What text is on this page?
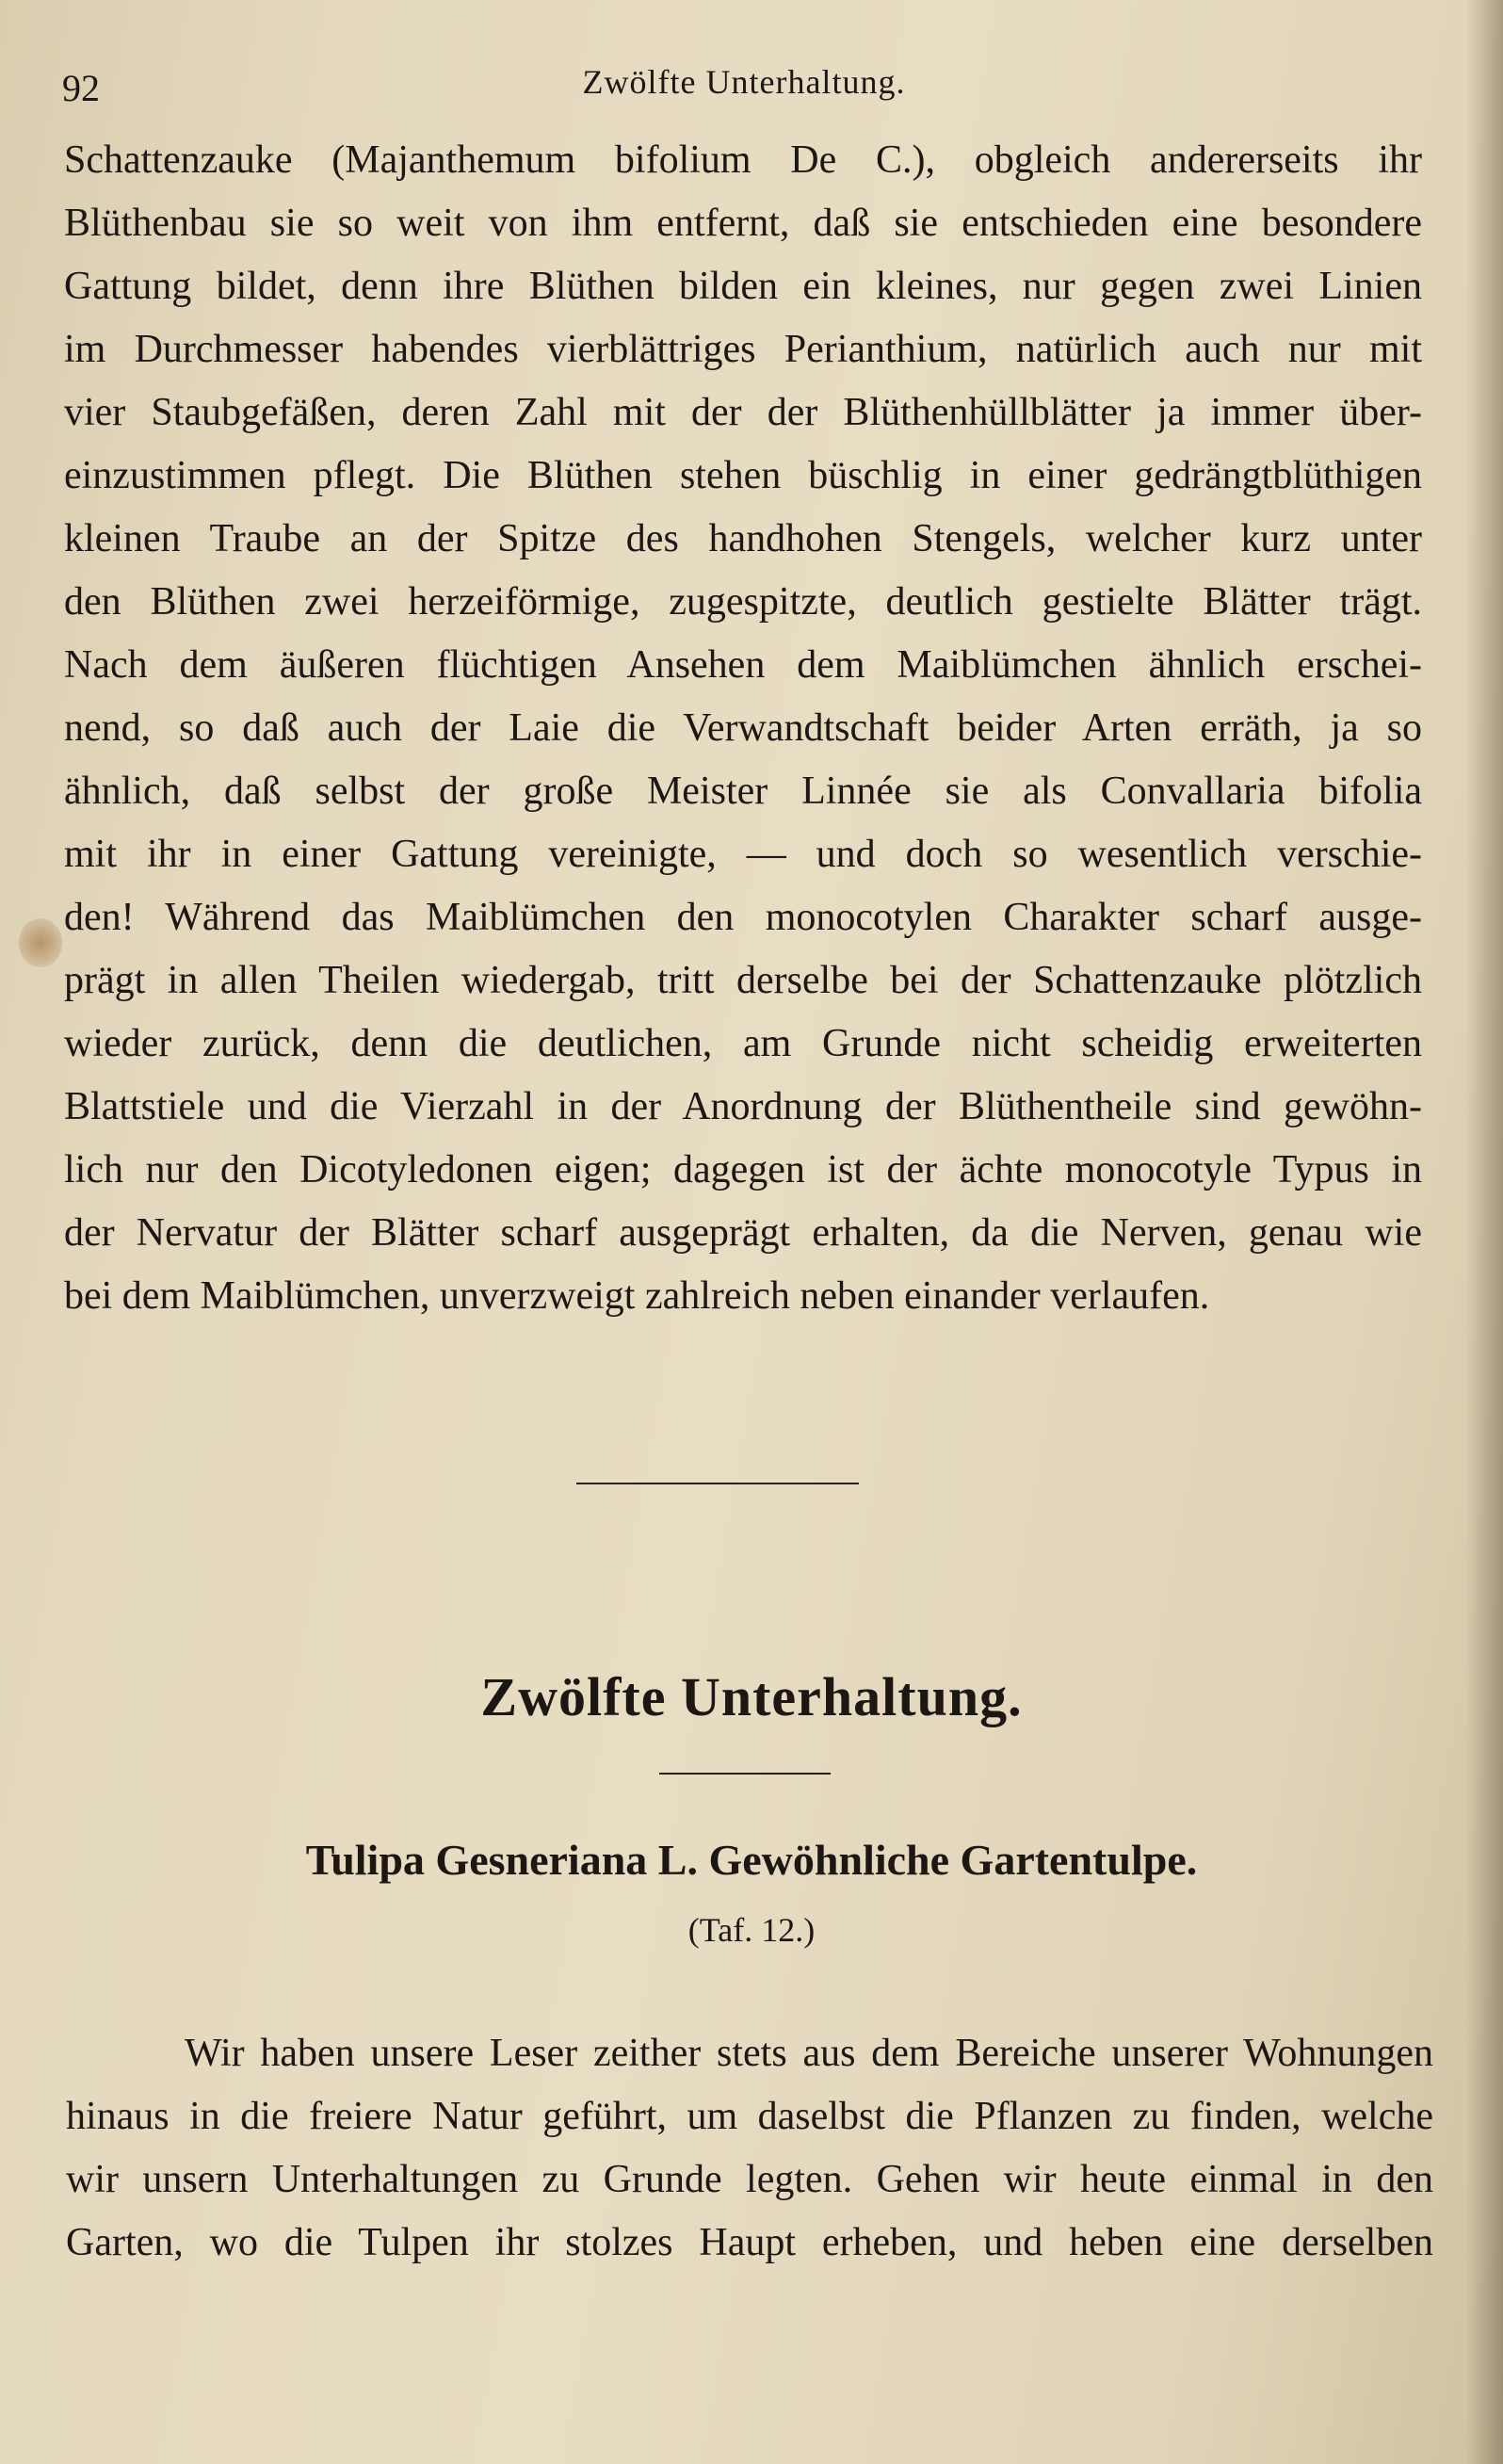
92	Zwölfte Unterhaltung.
Schattenzauke (Majanthemum bifolium De C.), obgleich andererseits ihr
Blüthenbau sie so weit von ihm entfernt, daß sie entschieden eine besondere
Gattung bildet, denn ihre Blüthen bilden ein kleines, nur gegen zwei Linien
im Durchmesser habendes vierblättriges Perianthium, natürlich auch nur mit
vier Staubgefäßen, deren Zahl mit der der Blüthenhüllblätter ja immer über-
einzustimmen pflegt. Die Blüthen stehen büschlig in einer gedrängtblüthigen
kleinen Traube an der Spitze des handhohen Stengels, welcher kurz unter
den Blüthen zwei herzeiförmige, zugespitzte, deutlich gestielte Blätter trägt.
Nach dem äußeren flüchtigen Ansehen dem Maiblümchen ähnlich erschei-
nend, so daß auch der Laie die Verwandtschaft beider Arten erräth, ja so
ähnlich, daß selbst der große Meister Linnée sie als Convallaria bifolia
mit ihr in einer Gattung vereinigte, — und doch so wesentlich verschie-
den! Während das Maiblümchen den monocotylen Charakter scharf ausge-
prägt in allen Theilen wiedergab, tritt derselbe bei der Schattenzauke plötzlich
wieder zurück, denn die deutlichen, am Grunde nicht scheidig erweiterten
Blattstiele und die Vierzahl in der Anordnung der Blüthentheile sind gewöhn-
lich nur den Dicotyledonen eigen; dagegen ist der ächte monocotyle Typus in
der Nervatur der Blätter scharf ausgeprägt erhalten, da die Nerven, genau wie
bei dem Maiblümchen, unverzweigt zahlreich neben einander verlaufen.
Zwölfte Unterhaltung.
Tulipa Gesneriana L. Gewöhnliche Gartentulpe.
(Taf. 12.)
Wir haben unsere Leser zeither stets aus dem Bereiche unserer Wohnungen
hinaus in die freiere Natur geführt, um daselbst die Pflanzen zu finden, welche
wir unsern Unterhaltungen zu Grunde legten. Gehen wir heute einmal in den
Garten, wo die Tulpen ihr stolzes Haupt erheben, und heben eine derselben
